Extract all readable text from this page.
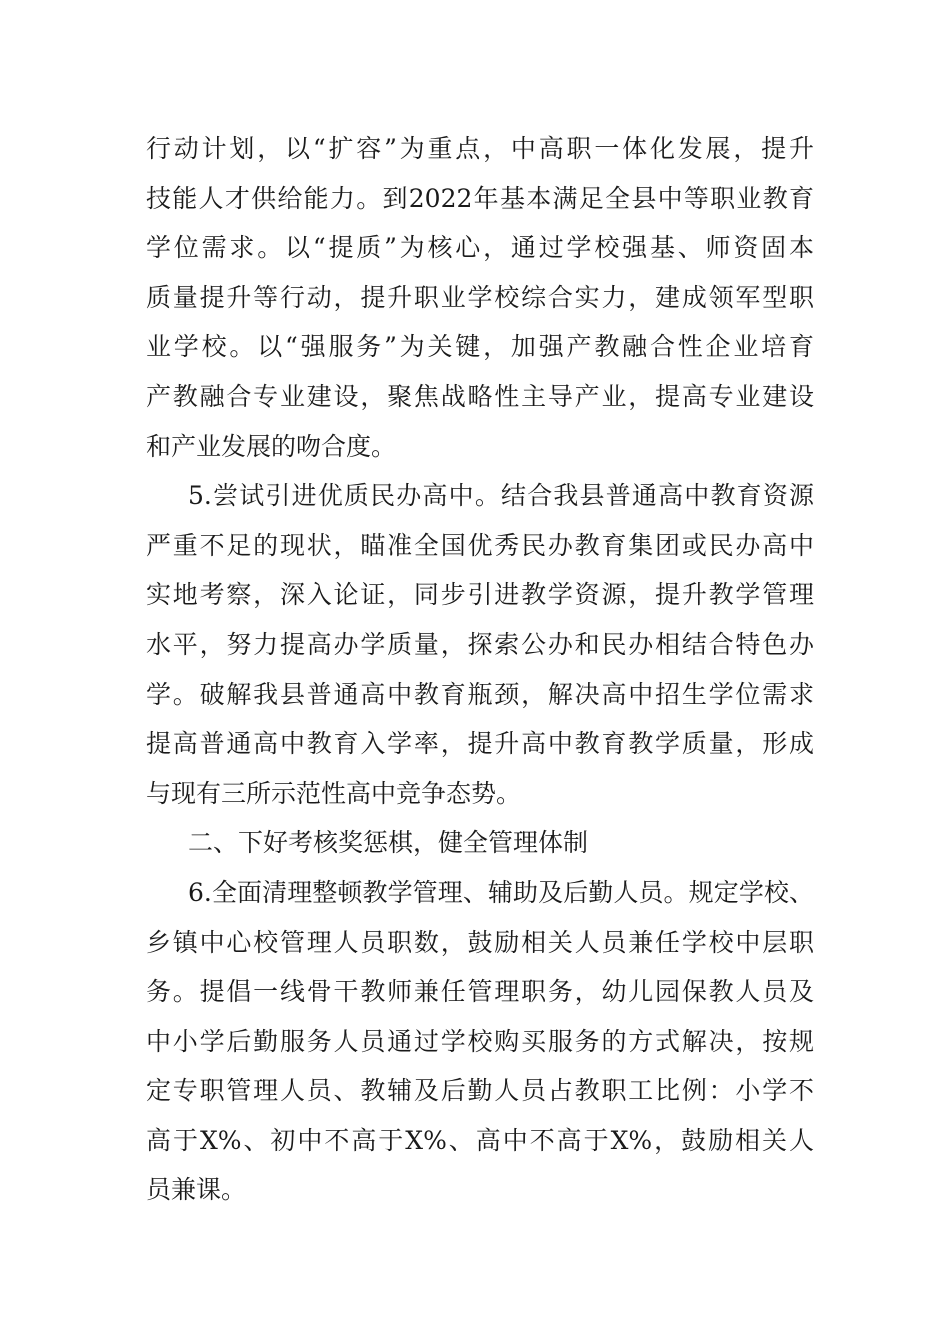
行动计划，以“扩容”为重点，中高职一体化发展，提升
技能人才供给能力。到2022年基本满足全县中等职业教育
学位需求。以“提质”为核心，通过学校强基、师资固本
质量提升等行动，提升职业学校综合实力，建成领军型职
业学校。以“强服务”为关键，加强产教融合性企业培育
产教融合专业建设，聚焦战略性主导产业，提高专业建设
和产业发展的吻合度。
5.尝试引进优质民办高中。结合我县普通高中教育资源
严重不足的现状，瞄准全国优秀民办教育集团或民办高中
实地考察，深入论证，同步引进教学资源，提升教学管理
水平，努力提高办学质量，探索公办和民办相结合特色办
学。破解我县普通高中教育瓶颈，解决高中招生学位需求
提高普通高中教育入学率，提升高中教育教学质量，形成
与现有三所示范性高中竞争态势。
二、下好考核奖惩棋，健全管理体制
6.全面清理整顿教学管理、辅助及后勤人员。规定学校、
乡镇中心校管理人员职数，鼓励相关人员兼任学校中层职
务。提倡一线骨干教师兼任管理职务，幼儿园保教人员及
中小学后勤服务人员通过学校购买服务的方式解决，按规
定专职管理人员、教辅及后勤人员占教职工比例：小学不
高于X%、初中不高于X%、高中不高于X%，鼓励相关人
员兼课。
